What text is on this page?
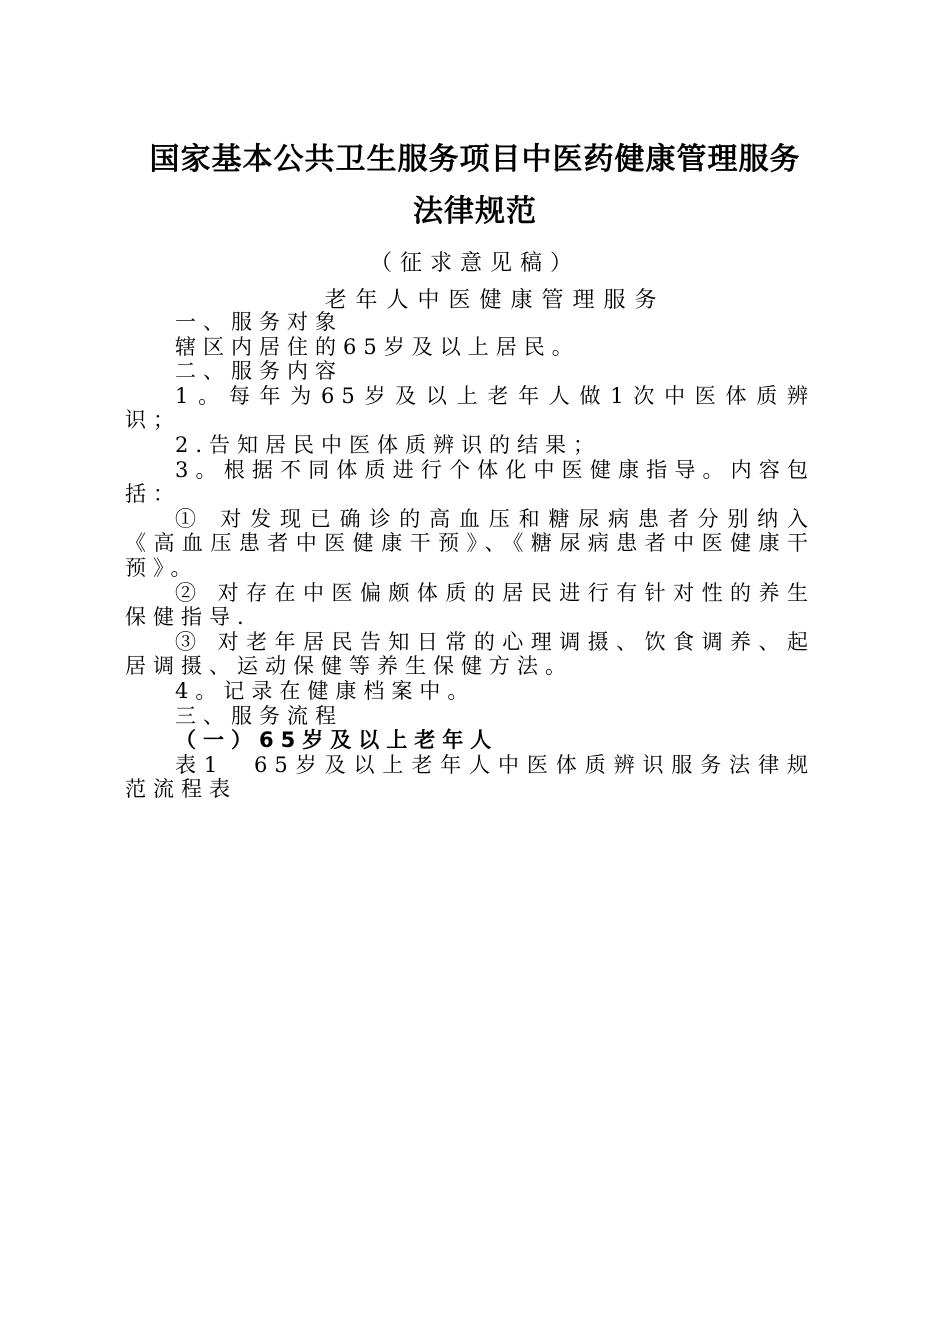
国家基本公共卫生服务项目中医药健康管理服务
法律规范
（征求意见稿）
老年人中医健康管理服务

一、服务对象

辖区内居住的65岁及以上居民。

二、服务内容

1。每年为65岁及以上老年人做1次中医体质辨识；

2.告知居民中医体质辨识的结果；

3。根据不同体质进行个体化中医健康指导。内容包括：

① 对发现已确诊的高血压和糖尿病患者分别纳入《高血压患者中医健康干预》、《糖尿病患者中医健康干预》。

② 对存在中医偏颇体质的居民进行有针对性的养生保健指导.

③ 对老年居民告知日常的心理调摄、饮食调养、起居调摄、运动保健等养生保健方法。

4。记录在健康档案中。

三、服务流程

（一）65岁及以上老年人

表1　65岁及以上老年人中医体质辨识服务法律规范流程表
